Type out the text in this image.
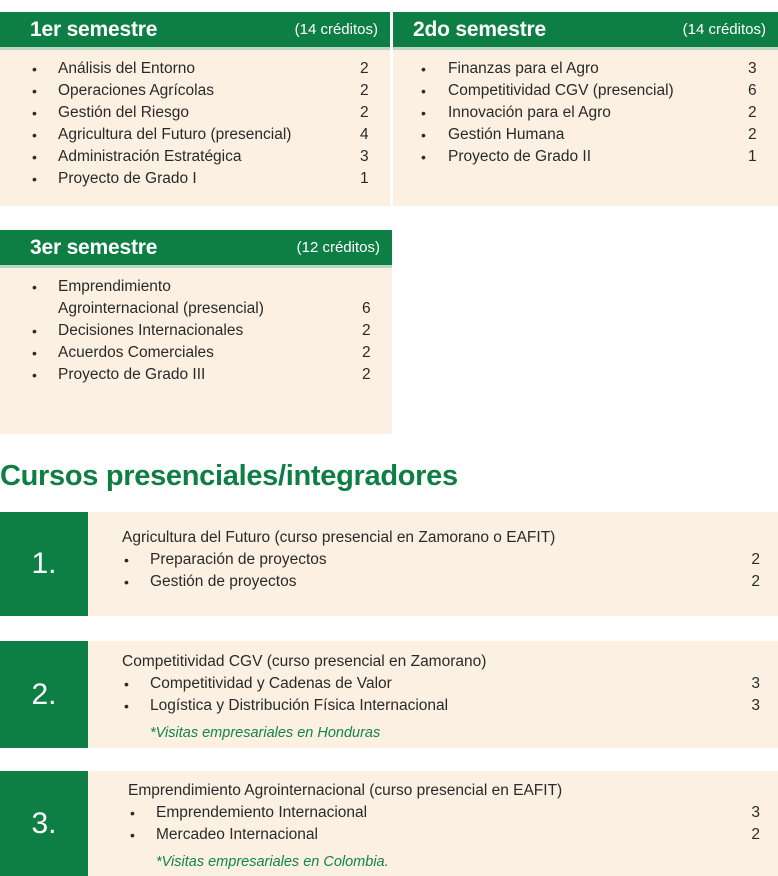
1er semestre	(14 créditos)
• Análisis del Entorno	2
• Operaciones Agrícolas	2
• Gestión del Riesgo	2
• Agricultura del Futuro (presencial)	4
• Administración Estratégica	3
• Proyecto de Grado I	1
2do semestre	(14 créditos)
• Finanzas para el Agro	3
• Competitividad CGV (presencial)	6
• Innovación para el Agro	2
• Gestión Humana	2
• Proyecto de Grado II	1
3er semestre	(12 créditos)
• Emprendimiento
Agrointernacional (presencial)	6
• Decisiones Internacionales	2
• Acuerdos Comerciales	2
• Proyecto de Grado III	2
Cursos presenciales/integradores
1.
Agricultura del Futuro (curso presencial en Zamorano o EAFIT)
• Preparación de proyectos	2
• Gestión de proyectos	2
2.
Competitividad CGV (curso presencial en Zamorano)
• Competitividad y Cadenas de Valor	3
• Logística y Distribución Física Internacional	3
*Visitas empresariales en Honduras
3.
Emprendimiento Agrointernacional (curso presencial en EAFIT)
• Emprendemiento Internacional	3
• Mercadeo Internacional	2
*Visitas empresariales en Colombia.
